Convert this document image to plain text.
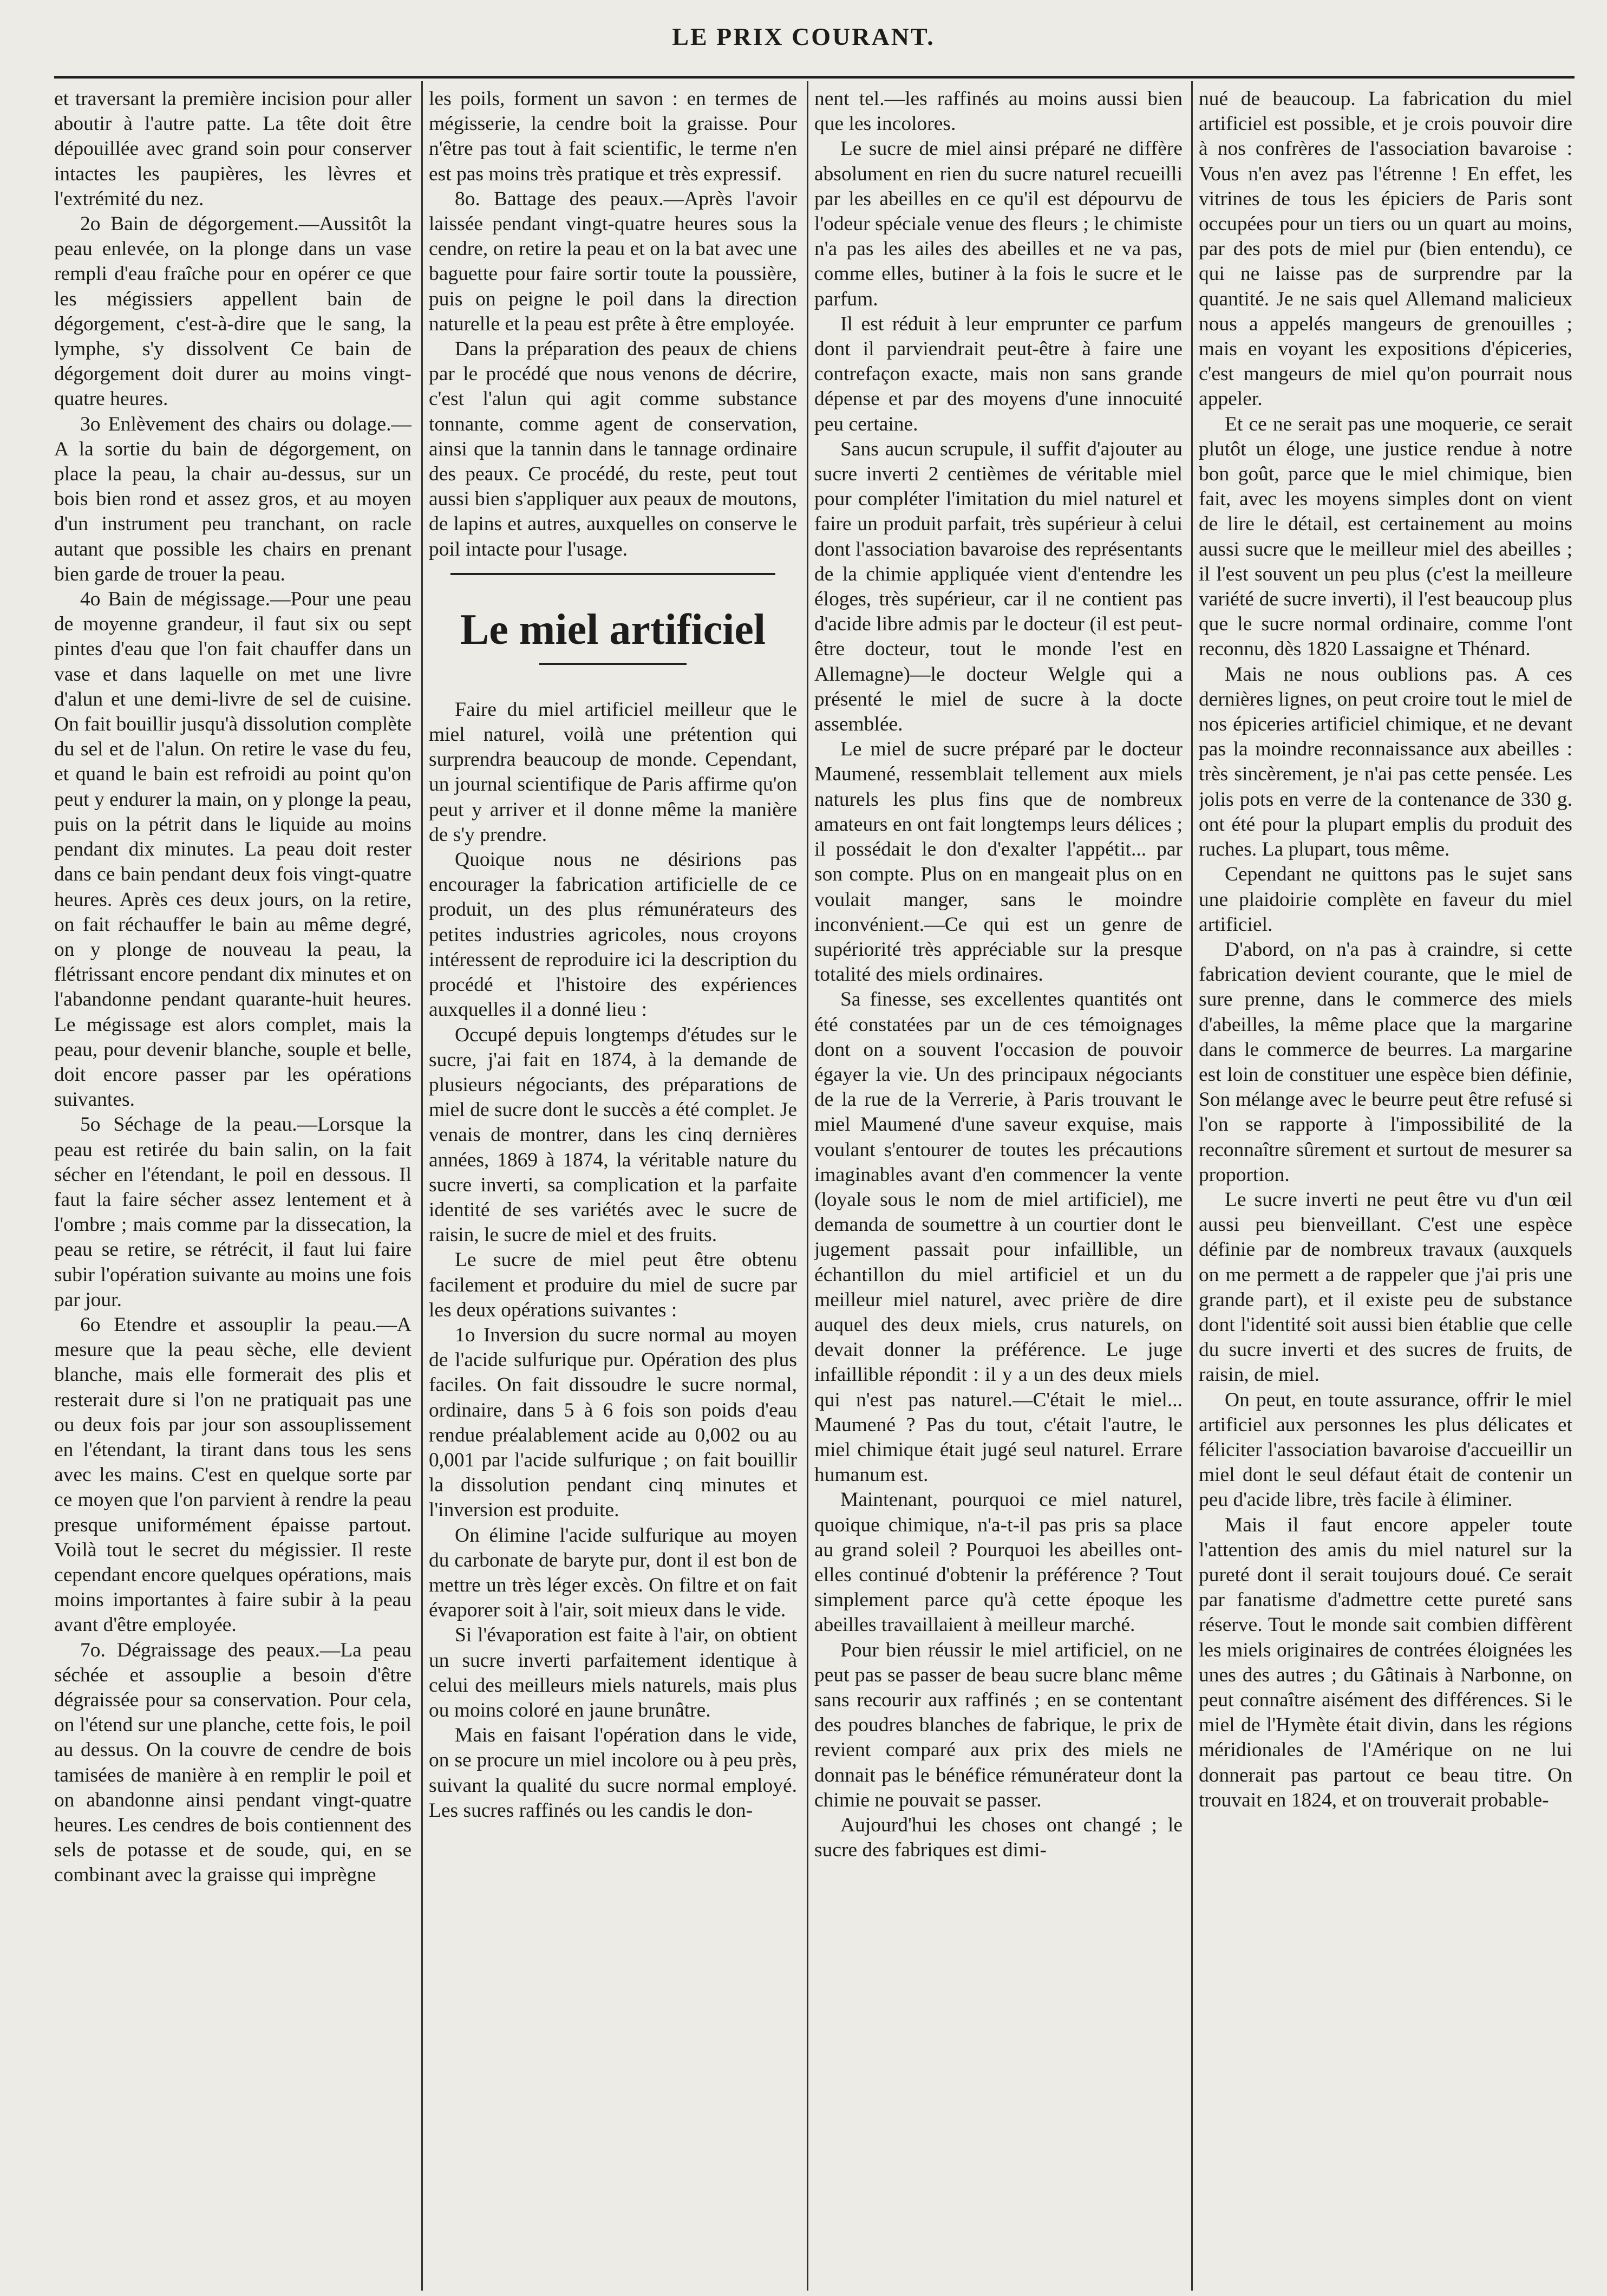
LE PRIX COURANT.

et traversant la première incision pour aller aboutir à l'autre patte. La tête doit être dépouillée avec grand soin pour conserver intactes les paupières, les lèvres et l'extrémité du nez.

2o Bain de dégorgement.—Aussitôt la peau enlevée, on la plonge dans un vase rempli d'eau fraîche pour en opérer ce que les mégissiers appellent bain de dégorgement, c'est-à-dire que le sang, la lymphe, s'y dissolvent Ce bain de dégorgement doit durer au moins vingt-quatre heures.

3o Enlèvement des chairs ou dolage.—A la sortie du bain de dégorgement, on place la peau, la chair au-dessus, sur un bois bien rond et assez gros, et au moyen d'un instrument peu tranchant, on racle autant que possible les chairs en prenant bien garde de trouer la peau.

4o Bain de mégissage.—Pour une peau de moyenne grandeur, il faut six ou sept pintes d'eau que l'on fait chauffer dans un vase et dans laquelle on met une livre d'alun et une demi-livre de sel de cuisine. On fait bouillir jusqu'à dissolution complète du sel et de l'alun. On retire le vase du feu, et quand le bain est refroidi au point qu'on peut y endurer la main, on y plonge la peau, puis on la pétrit dans le liquide au moins pendant dix minutes. La peau doit rester dans ce bain pendant deux fois vingt-quatre heures. Après ces deux jours, on la retire, on fait réchauffer le bain au même degré, on y plonge de nouveau la peau, la flétrissant encore pendant dix minutes et on l'abandonne pendant quarante-huit heures. Le mégissage est alors complet, mais la peau, pour devenir blanche, souple et belle, doit encore passer par les opérations suivantes.

5o Séchage de la peau.—Lorsque la peau est retirée du bain salin, on la fait sécher en l'étendant, le poil en dessous. Il faut la faire sécher assez lentement et à l'ombre ; mais comme par la dissecation, la peau se retire, se rétrécit, il faut lui faire subir l'opération suivante au moins une fois par jour.

6o Etendre et assouplir la peau.—A mesure que la peau sèche, elle devient blanche, mais elle formerait des plis et resterait dure si l'on ne pratiquait pas une ou deux fois par jour son assouplissement en l'étendant, la tirant dans tous les sens avec les mains. C'est en quelque sorte par ce moyen que l'on parvient à rendre la peau presque uniformément épaisse partout. Voilà tout le secret du mégissier. Il reste cependant encore quelques opérations, mais moins importantes à faire subir à la peau avant d'être employée.

7o. Dégraissage des peaux.—La peau séchée et assouplie a besoin d'être dégraissée pour sa conservation. Pour cela, on l'étend sur une planche, cette fois, le poil au dessus. On la couvre de cendre de bois tamisées de manière à en remplir le poil et on abandonne ainsi pendant vingt-quatre heures. Les cendres de bois contiennent des sels de potasse et de soude, qui, en se combinant avec la graisse qui imprègne

les poils, forment un savon : en termes de mégisserie, la cendre boit la graisse. Pour n'être pas tout à fait scientific, le terme n'en est pas moins très pratique et très expressif.

8o. Battage des peaux.—Après l'avoir laissée pendant vingt-quatre heures sous la cendre, on retire la peau et on la bat avec une baguette pour faire sortir toute la poussière, puis on peigne le poil dans la direction naturelle et la peau est prête à être employée.

Dans la préparation des peaux de chiens par le procédé que nous venons de décrire, c'est l'alun qui agit comme substance tonnante, comme agent de conservation, ainsi que la tannin dans le tannage ordinaire des peaux. Ce procédé, du reste, peut tout aussi bien s'appliquer aux peaux de moutons, de lapins et autres, auxquelles on conserve le poil intacte pour l'usage.

Le miel artificiel

Faire du miel artificiel meilleur que le miel naturel, voilà une prétention qui surprendra beaucoup de monde. Cependant, un journal scientifique de Paris affirme qu'on peut y arriver et il donne même la manière de s'y prendre.

Quoique nous ne désirions pas encourager la fabrication artificielle de ce produit, un des plus rémunérateurs des petites industries agricoles, nous croyons intéressent de reproduire ici la description du procédé et l'histoire des expériences auxquelles il a donné lieu :

Occupé depuis longtemps d'études sur le sucre, j'ai fait en 1874, à la demande de plusieurs négociants, des préparations de miel de sucre dont le succès a été complet. Je venais de montrer, dans les cinq dernières années, 1869 à 1874, la véritable nature du sucre inverti, sa complication et la parfaite identité de ses variétés avec le sucre de raisin, le sucre de miel et des fruits.

Le sucre de miel peut être obtenu facilement et produire du miel de sucre par les deux opérations suivantes :

1o Inversion du sucre normal au moyen de l'acide sulfurique pur. Opération des plus faciles. On fait dissoudre le sucre normal, ordinaire, dans 5 à 6 fois son poids d'eau rendue préalablement acide au 0,002 ou au 0,001 par l'acide sulfurique ; on fait bouillir la dissolution pendant cinq minutes et l'inversion est produite.

On élimine l'acide sulfurique au moyen du carbonate de baryte pur, dont il est bon de mettre un très léger excès. On filtre et on fait évaporer soit à l'air, soit mieux dans le vide.

Si l'évaporation est faite à l'air, on obtient un sucre inverti parfaitement identique à celui des meilleurs miels naturels, mais plus ou moins coloré en jaune brunâtre.

Mais en faisant l'opération dans le vide, on se procure un miel incolore ou à peu près, suivant la qualité du sucre normal employé. Les sucres raffinés ou les candis le don-

nent tel.—les raffinés au moins aussi bien que les incolores.

Le sucre de miel ainsi préparé ne diffère absolument en rien du sucre naturel recueilli par les abeilles en ce qu'il est dépourvu de l'odeur spéciale venue des fleurs ; le chimiste n'a pas les ailes des abeilles et ne va pas, comme elles, butiner à la fois le sucre et le parfum.

Il est réduit à leur emprunter ce parfum dont il parviendrait peut-être à faire une contrefaçon exacte, mais non sans grande dépense et par des moyens d'une innocuité peu certaine.

Sans aucun scrupule, il suffit d'ajouter au sucre inverti 2 centièmes de véritable miel pour compléter l'imitation du miel naturel et faire un produit parfait, très supérieur à celui dont l'association bavaroise des représentants de la chimie appliquée vient d'entendre les éloges, très supérieur, car il ne contient pas d'acide libre admis par le docteur (il est peut-être docteur, tout le monde l'est en Allemagne)—le docteur Welgle qui a présenté le miel de sucre à la docte assemblée.

Le miel de sucre préparé par le docteur Maumené, ressemblait tellement aux miels naturels les plus fins que de nombreux amateurs en ont fait longtemps leurs délices ; il possédait le don d'exalter l'appétit... par son compte. Plus on en mangeait plus on en voulait manger, sans le moindre inconvénient.—Ce qui est un genre de supériorité très appréciable sur la presque totalité des miels ordinaires.

Sa finesse, ses excellentes quantités ont été constatées par un de ces témoignages dont on a souvent l'occasion de pouvoir égayer la vie. Un des principaux négociants de la rue de la Verrerie, à Paris trouvant le miel Maumené d'une saveur exquise, mais voulant s'entourer de toutes les précautions imaginables avant d'en commencer la vente (loyale sous le nom de miel artificiel), me demanda de soumettre à un courtier dont le jugement passait pour infaillible, un échantillon du miel artificiel et un du meilleur miel naturel, avec prière de dire auquel des deux miels, crus naturels, on devait donner la préférence. Le juge infaillible répondit : il y a un des deux miels qui n'est pas naturel.—C'était le miel... Maumené ? Pas du tout, c'était l'autre, le miel chimique était jugé seul naturel. Errare humanum est.

Maintenant, pourquoi ce miel naturel, quoique chimique, n'a-t-il pas pris sa place au grand soleil ? Pourquoi les abeilles ont-elles continué d'obtenir la préférence ? Tout simplement parce qu'à cette époque les abeilles travaillaient à meilleur marché.

Pour bien réussir le miel artificiel, on ne peut pas se passer de beau sucre blanc même sans recourir aux raffinés ; en se contentant des poudres blanches de fabrique, le prix de revient comparé aux prix des miels ne donnait pas le bénéfice rémunérateur dont la chimie ne pouvait se passer.

Aujourd'hui les choses ont changé ; le sucre des fabriques est dimi-

nué de beaucoup. La fabrication du miel artificiel est possible, et je crois pouvoir dire à nos confrères de l'association bavaroise : Vous n'en avez pas l'étrenne ! En effet, les vitrines de tous les épiciers de Paris sont occupées pour un tiers ou un quart au moins, par des pots de miel pur (bien entendu), ce qui ne laisse pas de surprendre par la quantité. Je ne sais quel Allemand malicieux nous a appelés mangeurs de grenouilles ; mais en voyant les expositions d'épiceries, c'est mangeurs de miel qu'on pourrait nous appeler.

Et ce ne serait pas une moquerie, ce serait plutôt un éloge, une justice rendue à notre bon goût, parce que le miel chimique, bien fait, avec les moyens simples dont on vient de lire le détail, est certainement au moins aussi sucre que le meilleur miel des abeilles ; il l'est souvent un peu plus (c'est la meilleure variété de sucre inverti), il l'est beaucoup plus que le sucre normal ordinaire, comme l'ont reconnu, dès 1820 Lassaigne et Thénard.

Mais ne nous oublions pas. A ces dernières lignes, on peut croire tout le miel de nos épiceries artificiel chimique, et ne devant pas la moindre reconnaissance aux abeilles : très sincèrement, je n'ai pas cette pensée. Les jolis pots en verre de la contenance de 330 g. ont été pour la plupart emplis du produit des ruches. La plupart, tous même.

Cependant ne quittons pas le sujet sans une plaidoirie complète en faveur du miel artificiel.

D'abord, on n'a pas à craindre, si cette fabrication devient courante, que le miel de sure prenne, dans le commerce des miels d'abeilles, la même place que la margarine dans le commerce de beurres. La margarine est loin de constituer une espèce bien définie, Son mélange avec le beurre peut être refusé si l'on se rapporte à l'impossibilité de la reconnaître sûrement et surtout de mesurer sa proportion.

Le sucre inverti ne peut être vu d'un œil aussi peu bienveillant. C'est une espèce définie par de nombreux travaux (auxquels on me permett a de rappeler que j'ai pris une grande part), et il existe peu de substance dont l'identité soit aussi bien établie que celle du sucre inverti et des sucres de fruits, de raisin, de miel.

On peut, en toute assurance, offrir le miel artificiel aux personnes les plus délicates et féliciter l'association bavaroise d'accueillir un miel dont le seul défaut était de contenir un peu d'acide libre, très facile à éliminer.

Mais il faut encore appeler toute l'attention des amis du miel naturel sur la pureté dont il serait toujours doué. Ce serait par fanatisme d'admettre cette pureté sans réserve. Tout le monde sait combien diffèrent les miels originaires de contrées éloignées les unes des autres ; du Gâtinais à Narbonne, on peut connaître aisément des différences. Si le miel de l'Hymète était divin, dans les régions méridionales de l'Amérique on ne lui donnerait pas partout ce beau titre. On trouvait en 1824, et on trouverait probable-
